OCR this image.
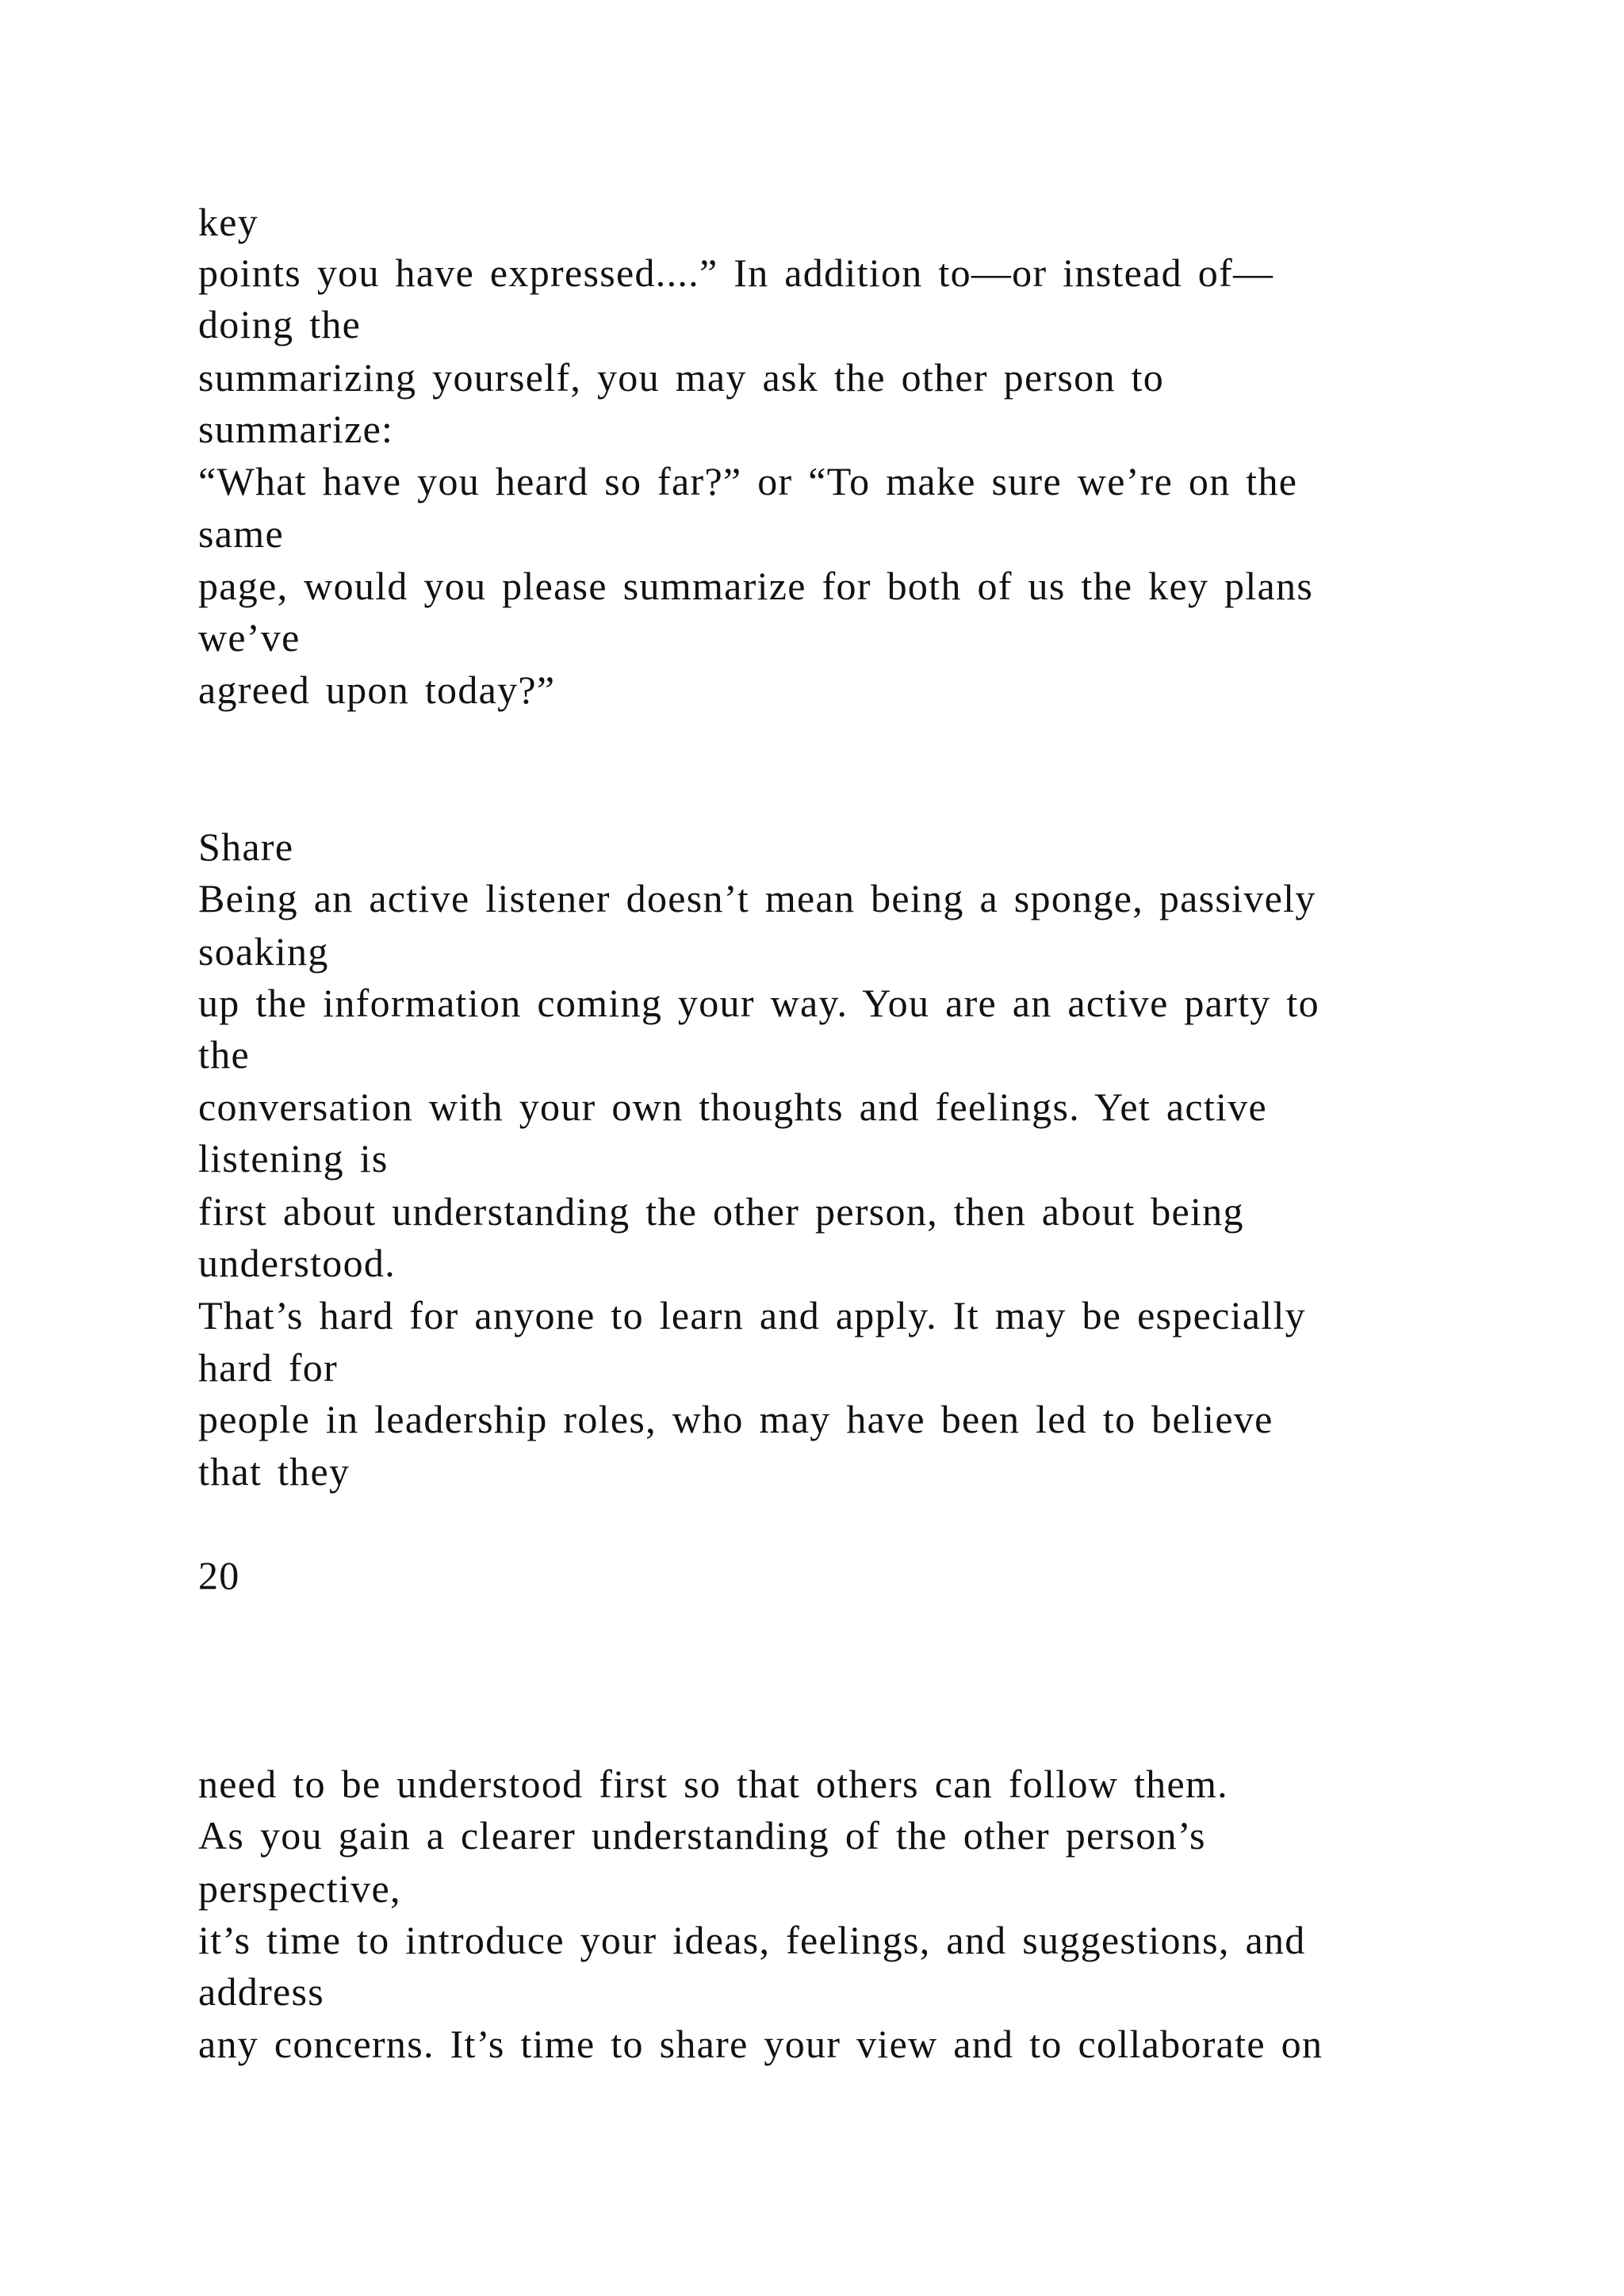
key

points you have expressed....” In addition to—or instead of—

doing the

summarizing yourself, you may ask the other person to

summarize:

“What have you heard so far?” or “To make sure we’re on the

same

page, would you please summarize for both of us the key plans

we’ve

agreed upon today?”

Share

Being an active listener doesn’t mean being a sponge, passively

soaking

up the information coming your way. You are an active party to

the

conversation with your own thoughts and feelings. Yet active

listening is

first about understanding the other person, then about being

understood.

That’s hard for anyone to learn and apply. It may be especially

hard for

people in leadership roles, who may have been led to believe

that they

20

need to be understood first so that others can follow them.

As you gain a clearer understanding of the other person’s

perspective,

it’s time to introduce your ideas, feelings, and suggestions, and

address

any concerns. It’s time to share your view and to collaborate on
